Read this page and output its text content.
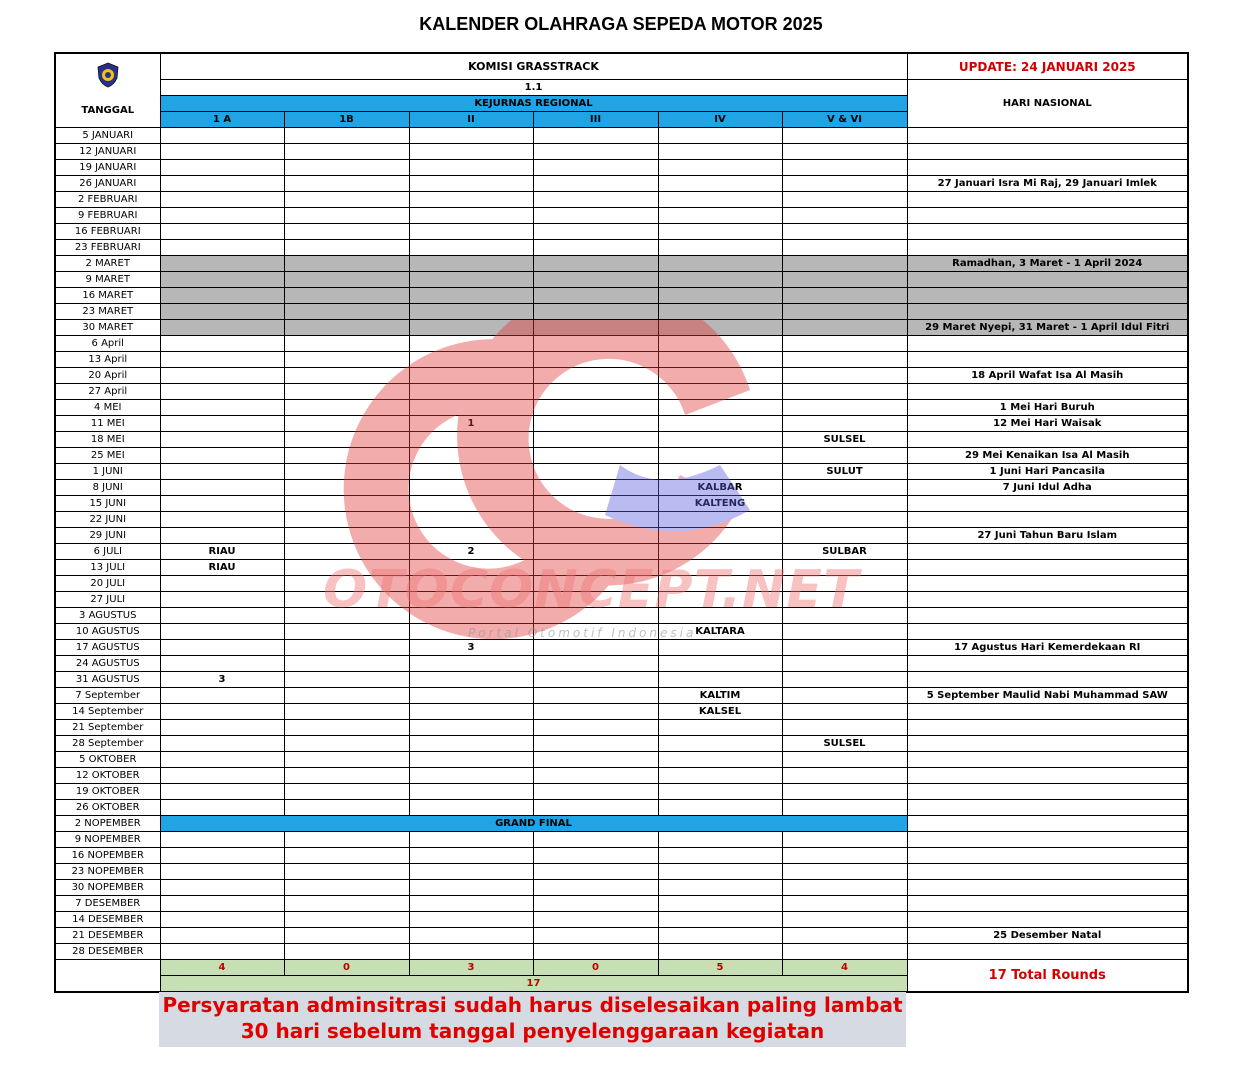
KALENDER OLAHRAGA SEPEDA MOTOR 2025
	KOMISI GRASSTRACK						UPDATE: 24 JANUARI 2025
	1.1						HARI NASIONAL
TANGGAL	KEJURNAS REGIONAL						
	1 A	1B	II	III	IV	V & VI	
5 JANUARI							
12 JANUARI							
19 JANUARI							
26 JANUARI							27 Januari Isra Mi Raj, 29 Januari Imlek
2 FEBRUARI							
9 FEBRUARI							
16 FEBRUARI							
23 FEBRUARI							
2 MARET							Ramadhan, 3 Maret - 1 April 2024
9 MARET							
16 MARET							
23 MARET							
30 MARET							29 Maret Nyepi, 31 Maret - 1 April Idul Fitri
6 April							
13 April							
20 April							18 April Wafat Isa Al Masih
27 April							
4 MEI							1 Mei Hari Buruh
11 MEI			1				12 Mei Hari Waisak
18 MEI						SULSEL	
25 MEI							29 Mei Kenaikan Isa Al Masih
1 JUNI						SULUT	1 Juni Hari Pancasila
8 JUNI					KALBAR		7 Juni Idul Adha
15 JUNI					KALTENG		
22 JUNI							
29 JUNI							27 Juni Tahun Baru Islam
6 JULI	RIAU		2			SULBAR	
13 JULI	RIAU						
20 JULI							
27 JULI							
3 AGUSTUS							
10 AGUSTUS					KALTARA		
17 AGUSTUS			3				17 Agustus Hari Kemerdekaan RI
24 AGUSTUS							
31 AGUSTUS	3						
7 September					KALTIM		5 September Maulid Nabi Muhammad SAW
14 September					KALSEL		
21 September							
28 September						SULSEL	
5 OKTOBER							
12 OKTOBER							
19 OKTOBER							
26 OKTOBER							
2 NOPEMBER	GRAND FINAL						
9 NOPEMBER							
16 NOPEMBER							
23 NOPEMBER							
30 NOPEMBER							
7 DESEMBER							
14 DESEMBER							
21 DESEMBER							25 Desember Natal
28 DESEMBER							
	4	0	3	0	5	4	17 Total Rounds
	17						
OTOCONCEPT.NET
Portal Otomotif Indonesia
Persyaratan adminsitrasi sudah harus diselesaikan paling lambat 30 hari sebelum tanggal penyelenggaraan kegiatan
